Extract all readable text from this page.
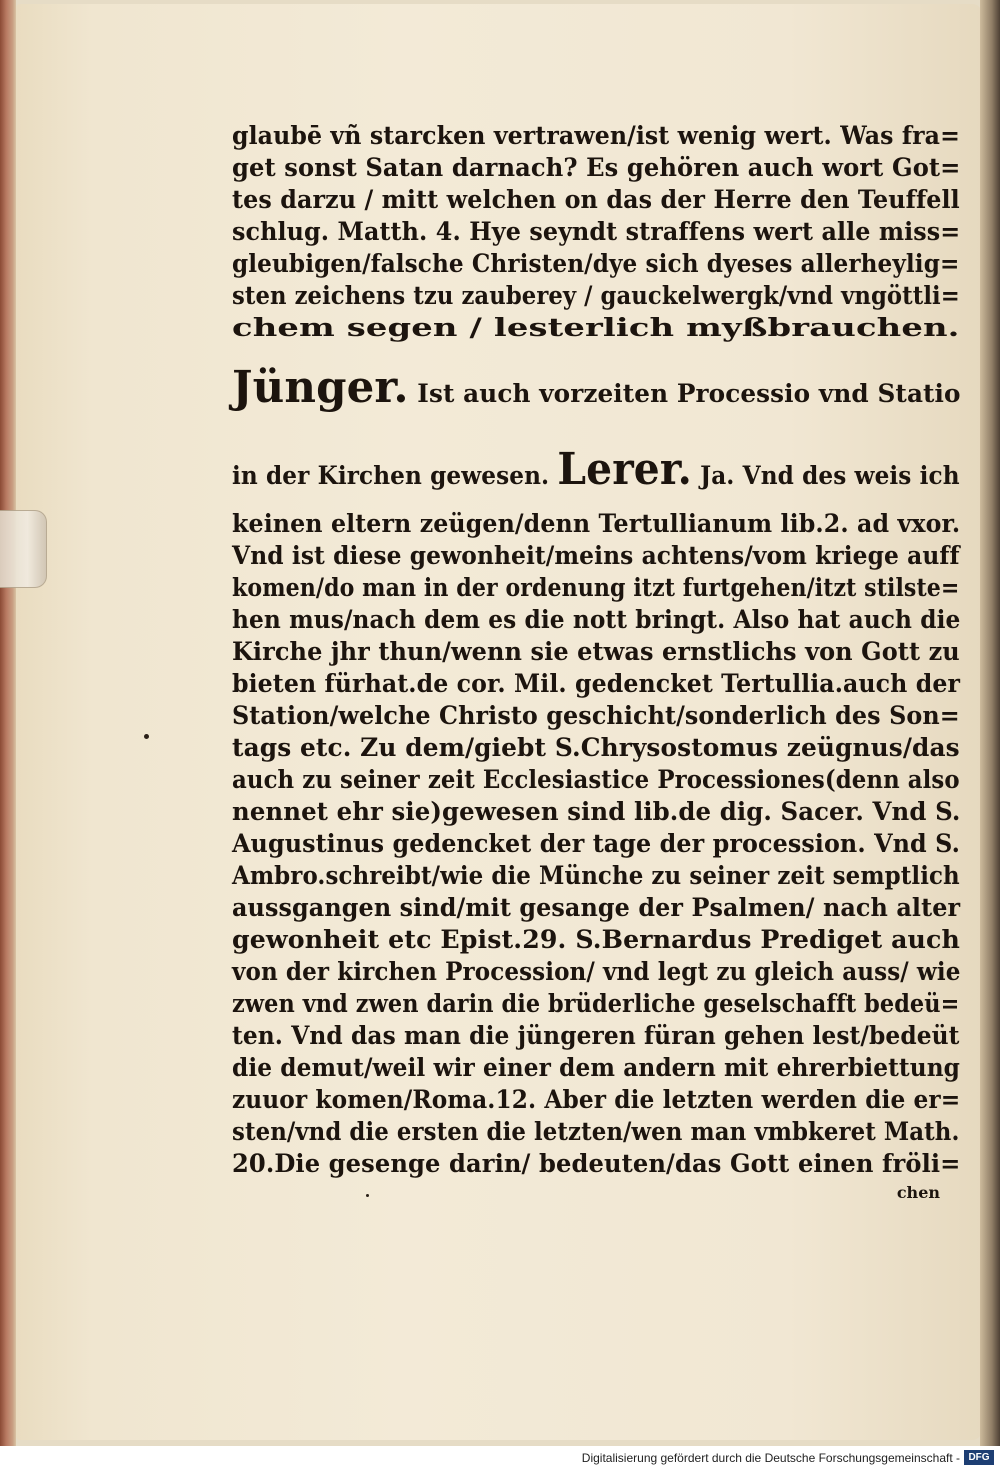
glaubē vñ starcken vertrawen/ist wenig wert. Was fra=
get sonst Satan darnach? Es gehören auch wort Got=
tes darzu / mitt welchen on das der Herre den Teuffell
schlug. Matth. 4. Hye seyndt straffens wert alle miss=
gleubigen/falsche Christen/dye sich dyeses allerheylig=
sten zeichens tzu zauberey / gauckelwergk/vnd vngöttli=
chem segen / lesterlich myßbrauchen.
Jünger. Ist auch vorzeiten Processio vnd Statio
in der Kirchen gewesen. Lerer. Ja. Vnd des weis ich
keinen eltern zeügen/denn Tertullianum lib.2. ad vxor.
Vnd ist diese gewonheit/meins achtens/vom kriege auff
komen/do man in der ordenung itzt furtgehen/itzt stilste=
hen mus/nach dem es die nott bringt. Also hat auch die
Kirche jhr thun/wenn sie etwas ernstlichs von Gott zu
bieten fürhat.de cor. Mil. gedencket Tertullia.auch der
Station/welche Christo geschicht/sonderlich des Son=
tags etc. Zu dem/giebt S.Chrysostomus zeügnus/das
auch zu seiner zeit Ecclesiastice Processiones(denn also
nennet ehr sie)gewesen sind lib.de dig. Sacer. Vnd S.
Augustinus gedencket der tage der procession. Vnd S.
Ambro.schreibt/wie die Münche zu seiner zeit semptlich
aussgangen sind/mit gesange der Psalmen/ nach alter
gewonheit etc Epist.29. S.Bernardus Prediget auch
von der kirchen Procession/ vnd legt zu gleich auss/ wie
zwen vnd zwen darin die brüderliche geselschafft bedeü=
ten. Vnd das man die jüngeren füran gehen lest/bedeüt
die demut/weil wir einer dem andern mit ehrerbiettung
zuuor komen/Roma.12. Aber die letzten werden die er=
sten/vnd die ersten die letzten/wen man vmbkeret Math.
20.Die gesenge darin/ bedeuten/das Gott einen fröli=
chen
Digitalisierung gefördert durch die Deutsche Forschungsgemeinschaft - DFG
